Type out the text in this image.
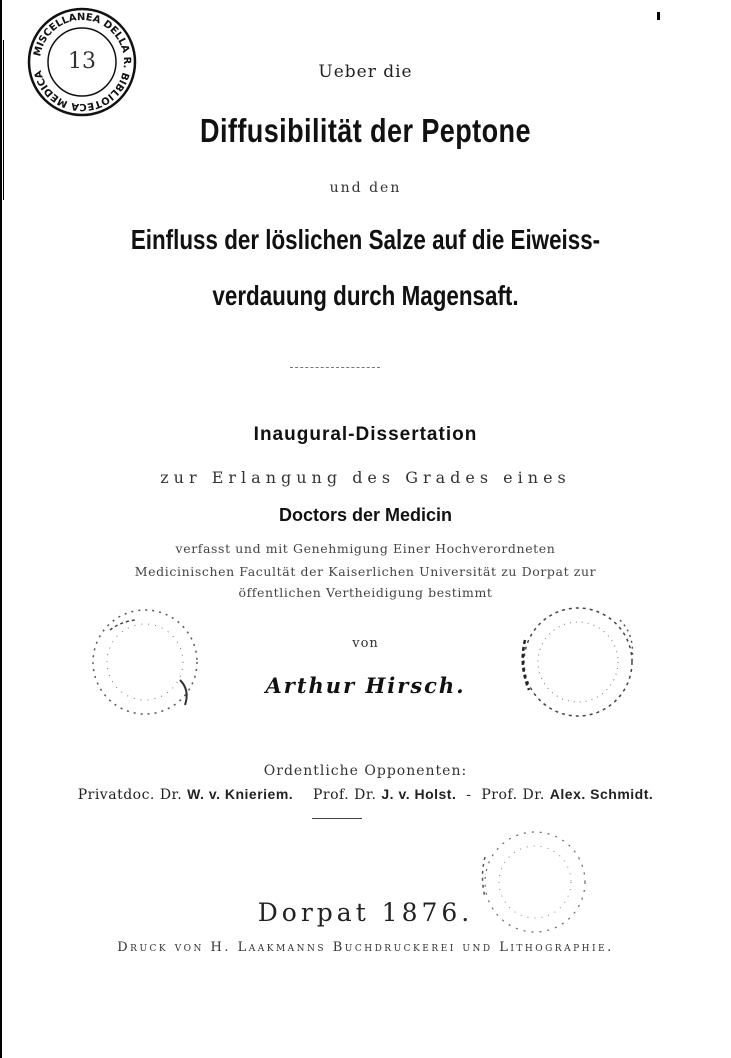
MISCELLANEA DELLA R. BIBLIOTECA MEDICA
13	Ueber die
Diffusibilität der Peptone
und den
Einfluss der löslichen Salze auf die Eiweiss-
verdauung durch Magensaft.
Inaugural-Dissertation
zur Erlangung des Grades eines
Doctors der Medicin
verfasst und mit Genehmigung Einer Hochverordneten
Medicinischen Facultät der Kaiserlichen Universität zu Dorpat zur
öffentlichen Vertheidigung bestimmt
von
Arthur Hirsch.
Ordentliche Opponenten:
Privatdoc. Dr. W. v. Knieriem. Prof. Dr. J. v. Holst.  -  Prof. Dr. Alex. Schmidt.
Dorpat 1876.
Druck von H. Laakmanns Buchdruckerei und Lithographie.
